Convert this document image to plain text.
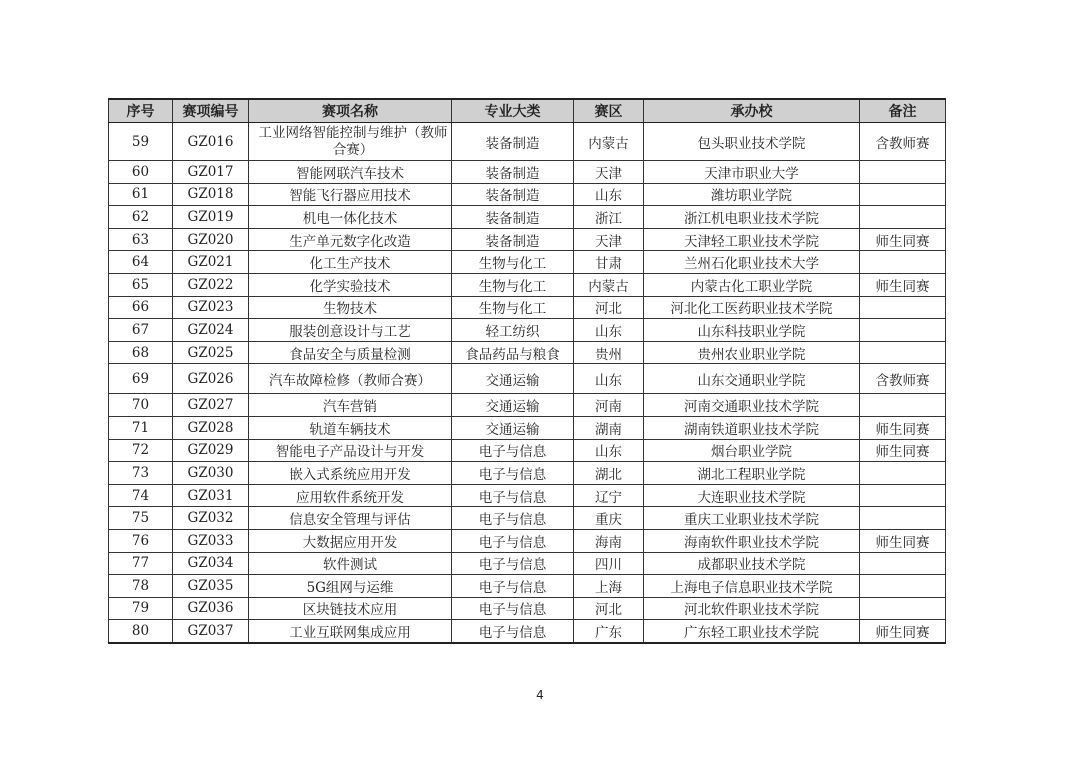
序号	赛项编号	赛项名称	专业大类	赛区	承办校	备注
59	GZ016	工业网络智能控制与维护（教师合赛）	装备制造	内蒙古	包头职业技术学院	含教师赛
60	GZ017	智能网联汽车技术	装备制造	天津	天津市职业大学	
61	GZ018	智能飞行器应用技术	装备制造	山东	潍坊职业学院	
62	GZ019	机电一体化技术	装备制造	浙江	浙江机电职业技术学院	
63	GZ020	生产单元数字化改造	装备制造	天津	天津轻工职业技术学院	师生同赛
64	GZ021	化工生产技术	生物与化工	甘肃	兰州石化职业技术大学	
65	GZ022	化学实验技术	生物与化工	内蒙古	内蒙古化工职业学院	师生同赛
66	GZ023	生物技术	生物与化工	河北	河北化工医药职业技术学院	
67	GZ024	服装创意设计与工艺	轻工纺织	山东	山东科技职业学院	
68	GZ025	食品安全与质量检测	食品药品与粮食	贵州	贵州农业职业学院	
69	GZ026	汽车故障检修（教师合赛）	交通运输	山东	山东交通职业学院	含教师赛
70	GZ027	汽车营销	交通运输	河南	河南交通职业技术学院	
71	GZ028	轨道车辆技术	交通运输	湖南	湖南铁道职业技术学院	师生同赛
72	GZ029	智能电子产品设计与开发	电子与信息	山东	烟台职业学院	师生同赛
73	GZ030	嵌入式系统应用开发	电子与信息	湖北	湖北工程职业学院	
74	GZ031	应用软件系统开发	电子与信息	辽宁	大连职业技术学院	
75	GZ032	信息安全管理与评估	电子与信息	重庆	重庆工业职业技术学院	
76	GZ033	大数据应用开发	电子与信息	海南	海南软件职业技术学院	师生同赛
77	GZ034	软件测试	电子与信息	四川	成都职业技术学院	
78	GZ035	5G组网与运维	电子与信息	上海	上海电子信息职业技术学院	
79	GZ036	区块链技术应用	电子与信息	河北	河北软件职业技术学院	
80	GZ037	工业互联网集成应用	电子与信息	广东	广东轻工职业技术学院	师生同赛
4
